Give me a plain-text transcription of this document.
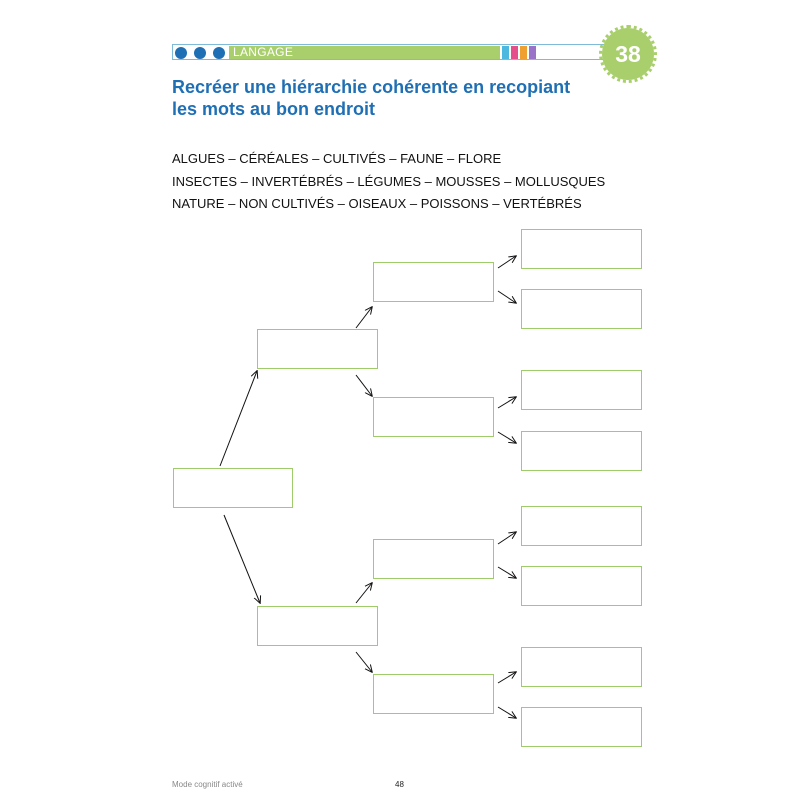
LANGAGE	38
Recréer une hiérarchie cohérente en recopiant
les mots au bon endroit

ALGUES – CÉRÉALES – CULTIVÉS – FAUNE – FLORE

INSECTES – INVERTÉBRÉS – LÉGUMES – MOUSSES – MOLLUSQUES

NATURE – NON CULTIVÉS – OISEAUX – POISSONS – VERTÉBRÉS

Mode cognitif activé	48
